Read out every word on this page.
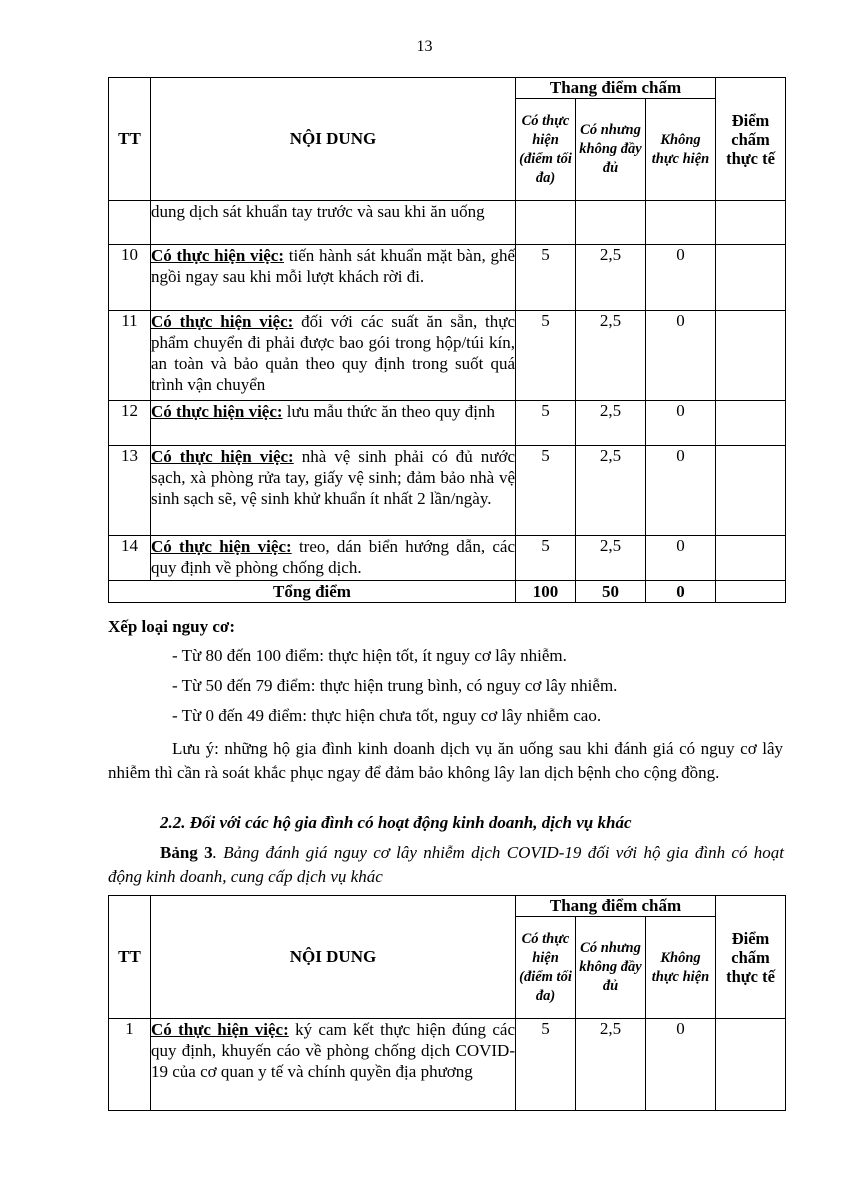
13
TT	NỘI DUNG	Thang điểm chấm			Điểm chấm thực tế
		Có thực hiện (điểm tối đa)	Có nhưng không đầy đủ	Không thực hiện	
	dung dịch sát khuẩn tay trước và sau khi ăn uống				
10	Có thực hiện việc: tiến hành sát khuẩn mặt bàn, ghế ngồi ngay sau khi mỗi lượt khách rời đi.	5	2,5	0	
11	Có thực hiện việc: đối với các suất ăn sẵn, thực phẩm chuyển đi phải được bao gói trong hộp/túi kín, an toàn và bảo quản theo quy định trong suốt quá trình vận chuyển	5	2,5	0	
12	Có thực hiện việc: lưu mẫu thức ăn theo quy định	5	2,5	0	
13	Có thực hiện việc: nhà vệ sinh phải có đủ nước sạch, xà phòng rửa tay, giấy vệ sinh; đảm bảo nhà vệ sinh sạch sẽ, vệ sinh khử khuẩn ít nhất 2 lần/ngày.	5	2,5	0	
14	Có thực hiện việc: treo, dán biển hướng dẫn, các quy định về phòng chống dịch.	5	2,5	0	
Tổng điểm		100	50	0	
Xếp loại nguy cơ:
- Từ 80 đến 100 điểm: thực hiện tốt, ít nguy cơ lây nhiễm.
- Từ 50 đến 79 điểm: thực hiện trung bình, có nguy cơ lây nhiễm.
- Từ 0 đến 49 điểm: thực hiện chưa tốt, nguy cơ lây nhiễm cao.
Lưu ý: những hộ gia đình kinh doanh dịch vụ ăn uống sau khi đánh giá có nguy cơ lây nhiễm thì cần rà soát khắc phục ngay để đảm bảo không lây lan dịch bệnh cho cộng đồng.
2.2. Đối với các hộ gia đình có hoạt động kinh doanh, dịch vụ khác
Bảng 3. Bảng đánh giá nguy cơ lây nhiễm dịch COVID-19 đối với hộ gia đình có hoạt động kinh doanh, cung cấp dịch vụ khác
TT	NỘI DUNG	Thang điểm chấm			Điểm chấm thực tế
		Có thực hiện (điểm tối đa)	Có nhưng không đầy đủ	Không thực hiện	
1	Có thực hiện việc: ký cam kết thực hiện đúng các quy định, khuyến cáo về phòng chống dịch COVID-19 của cơ quan y tế và chính quyền địa phương	5	2,5	0	
